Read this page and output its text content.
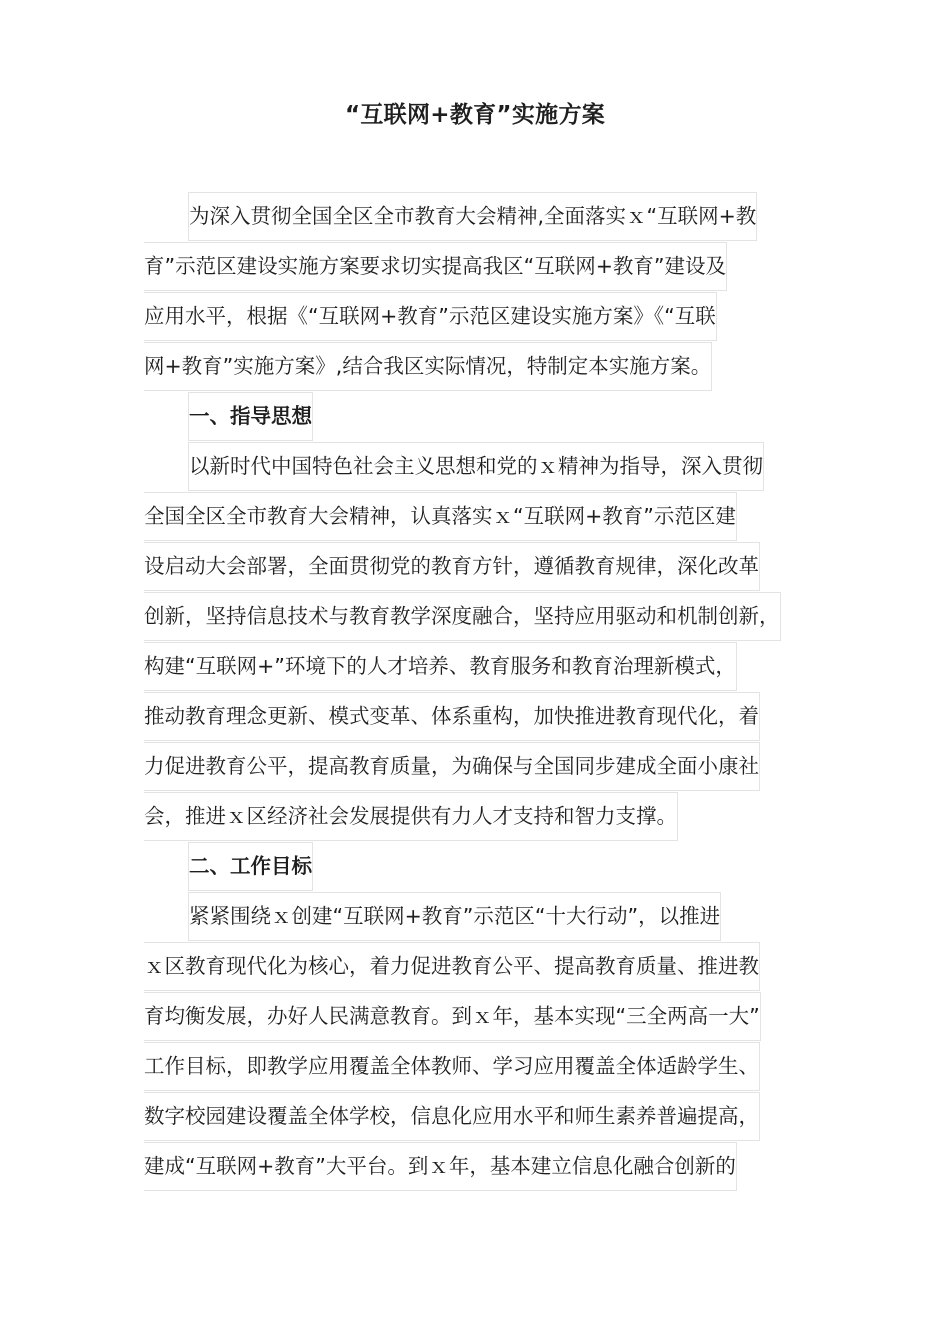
“互联网+教育”实施方案
为深入贯彻全国全区全市教育大会精神,全面落实ｘ“互联网+教
育”示范区建设实施方案要求切实提高我区“互联网+教育”建设及
应用水平，根据《“互联网+教育”示范区建设实施方案》《“互联
网+教育”实施方案》,结合我区实际情况，特制定本实施方案。
一、指导思想
以新时代中国特色社会主义思想和党的ｘ精神为指导，深入贯彻
全国全区全市教育大会精神，认真落实ｘ“互联网+教育”示范区建
设启动大会部署，全面贯彻党的教育方针，遵循教育规律，深化改革
创新，坚持信息技术与教育教学深度融合，坚持应用驱动和机制创新，
构建“互联网+”环境下的人才培养、教育服务和教育治理新模式，
推动教育理念更新、模式变革、体系重构，加快推进教育现代化，着
力促进教育公平，提高教育质量，为确保与全国同步建成全面小康社
会，推进ｘ区经济社会发展提供有力人才支持和智力支撑。
二、工作目标
紧紧围绕ｘ创建“互联网+教育”示范区“十大行动”，以推进
ｘ区教育现代化为核心，着力促进教育公平、提高教育质量、推进教
育均衡发展，办好人民满意教育。到ｘ年，基本实现“三全两高一大”
工作目标，即教学应用覆盖全体教师、学习应用覆盖全体适龄学生、
数字校园建设覆盖全体学校，信息化应用水平和师生素养普遍提高，
建成“互联网+教育”大平台。到ｘ年，基本建立信息化融合创新的
